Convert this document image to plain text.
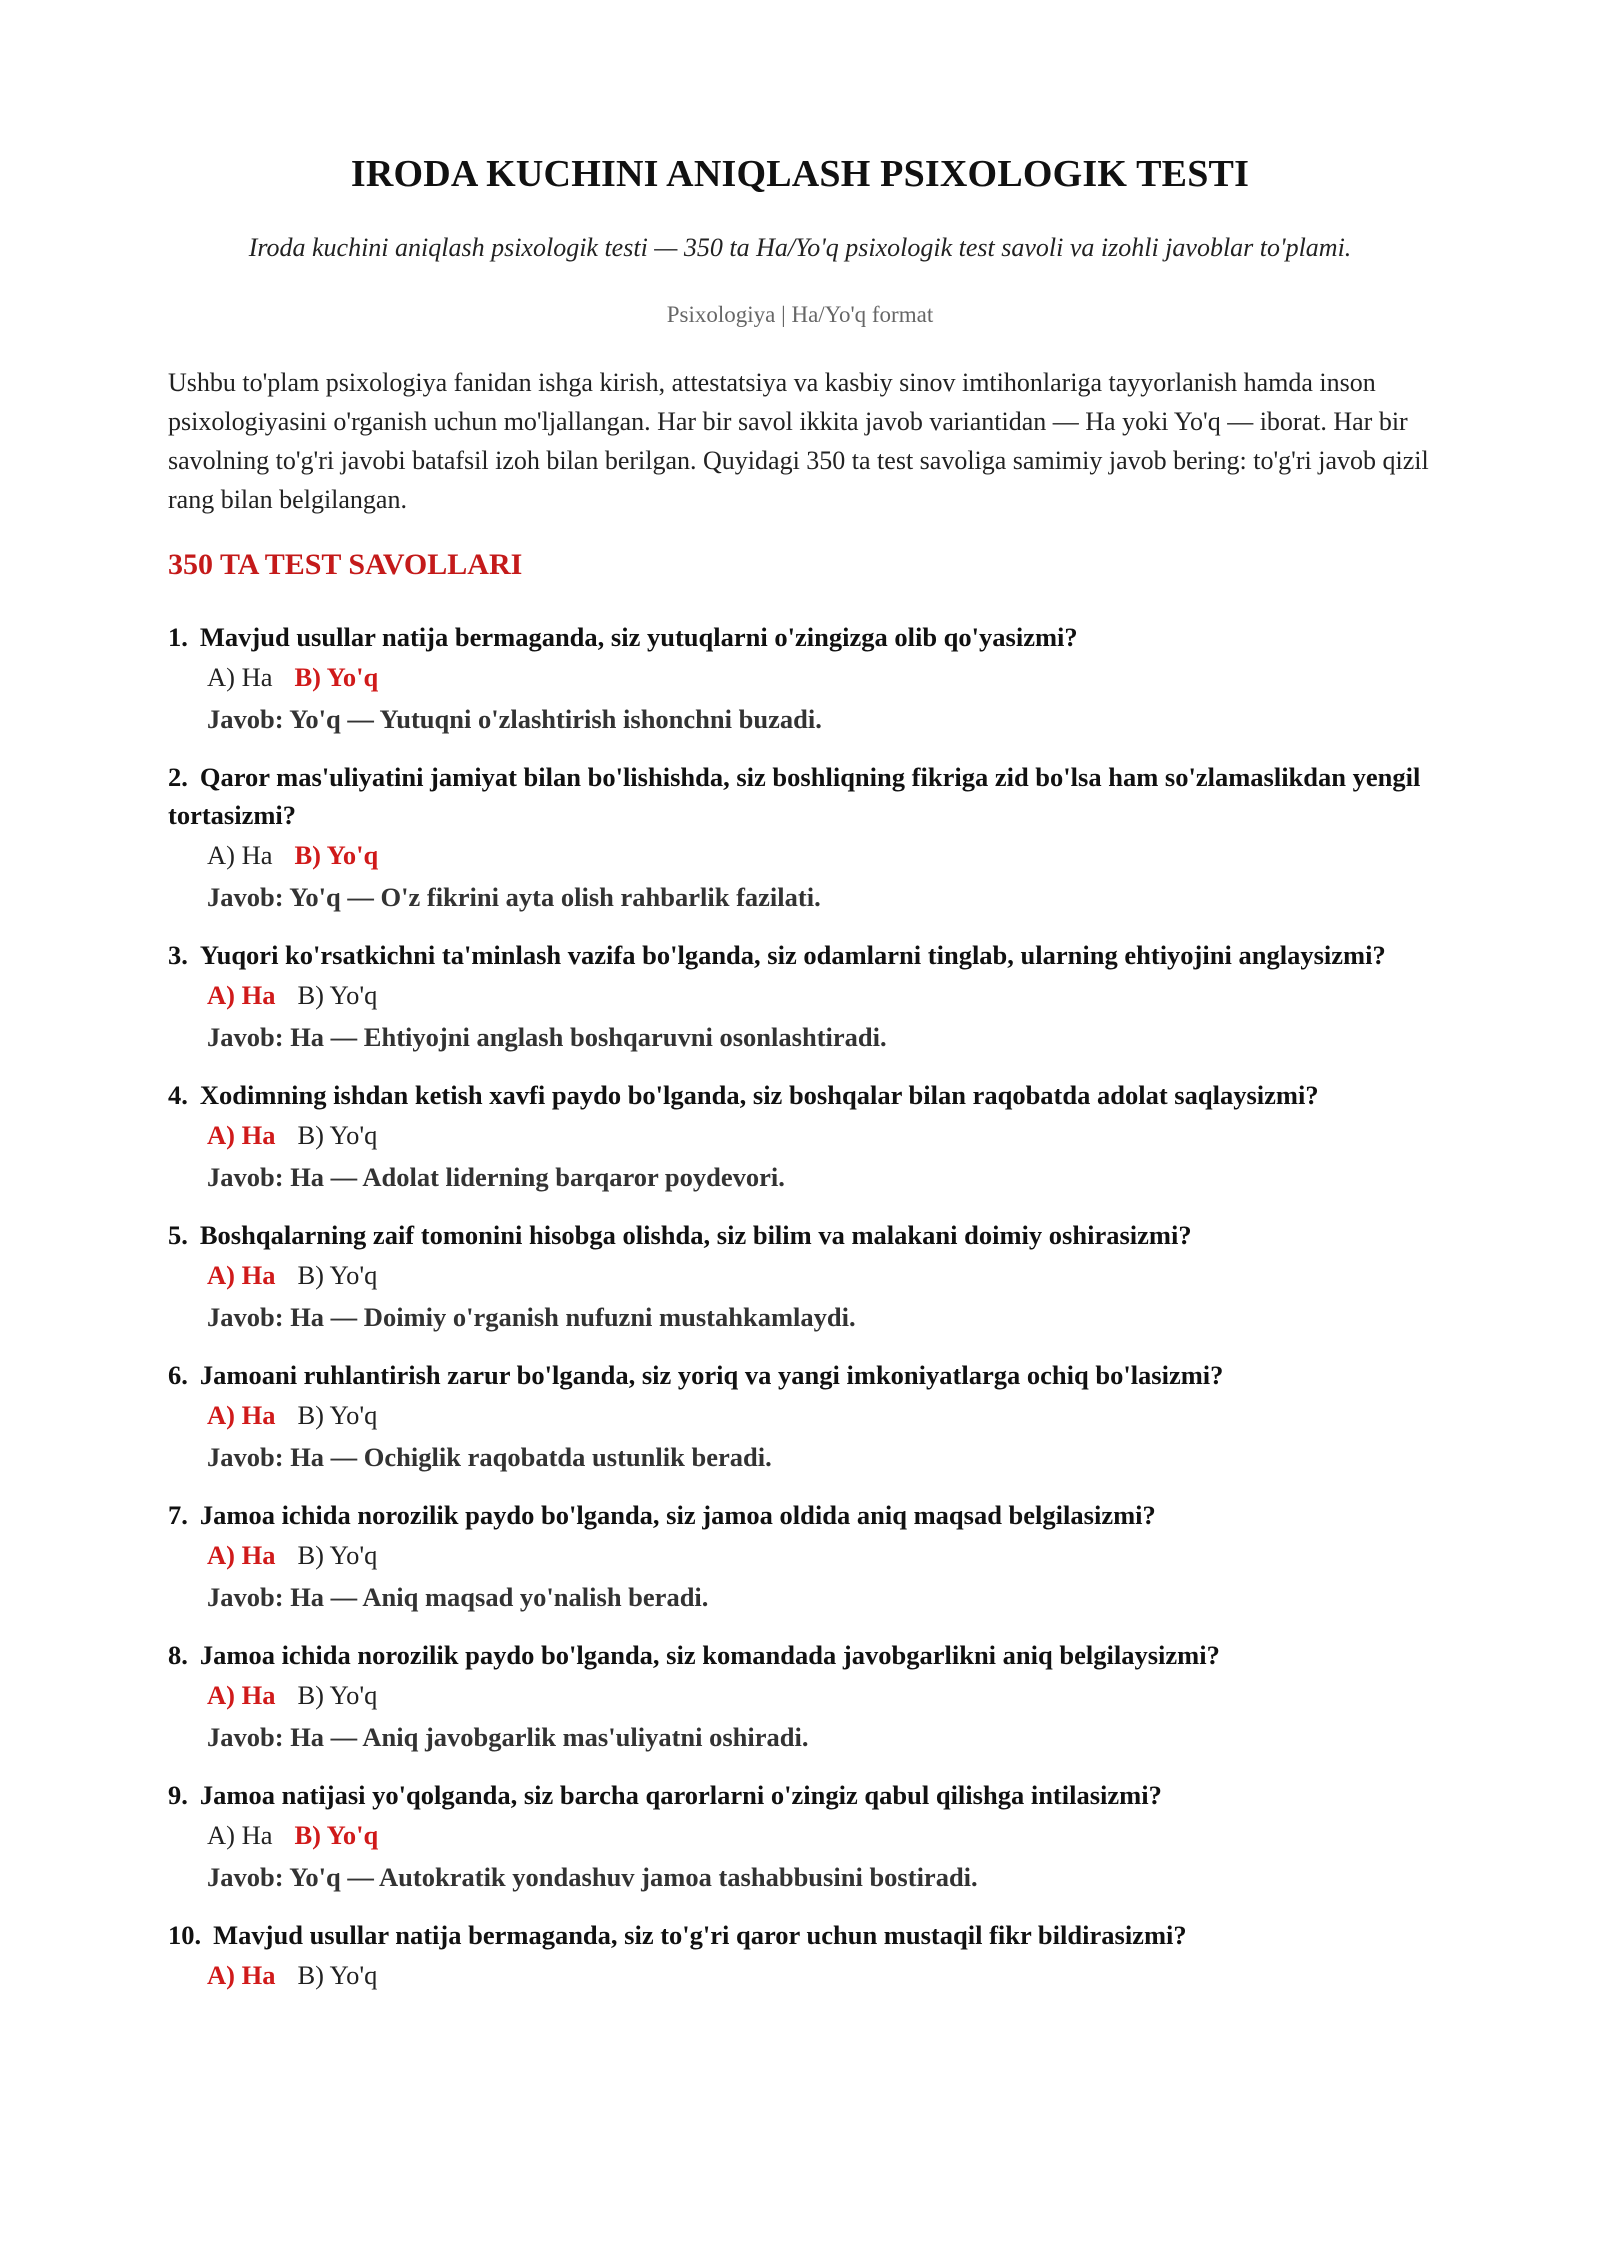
IRODA KUCHINI ANIQLASH PSIXOLOGIK TESTI

Iroda kuchini aniqlash psixologik testi — 350 ta Ha/Yo'q psixologik test savoli va izohli javoblar to'plami.

Psixologiya | Ha/Yo'q format

Ushbu to'plam psixologiya fanidan ishga kirish, attestatsiya va kasbiy sinov imtihonlariga tayyorlanish hamda inson psixologiyasini o'rganish uchun mo'ljallangan. Har bir savol ikkita javob variantidan — Ha yoki Yo'q — iborat. Har bir savolning to'g'ri javobi batafsil izoh bilan berilgan. Quyidagi 350 ta test savoliga samimiy javob bering: to'g'ri javob qizil rang bilan belgilangan.

350 TA TEST SAVOLLARI
1. Mavjud usullar natija bermaganda, siz yutuqlarni o'zingizga olib qo'yasizmi?
A) Ha B) Yo'q
Javob: Yo'q — Yutuqni o'zlashtirish ishonchni buzadi.
2. Qaror mas'uliyatini jamiyat bilan bo'lishishda, siz boshliqning fikriga zid bo'lsa ham so'zlamaslikdan yengil tortasizmi?
A) Ha B) Yo'q
Javob: Yo'q — O'z fikrini ayta olish rahbarlik fazilati.
3. Yuqori ko'rsatkichni ta'minlash vazifa bo'lganda, siz odamlarni tinglab, ularning ehtiyojini anglaysizmi?
A) Ha B) Yo'q
Javob: Ha — Ehtiyojni anglash boshqaruvni osonlashtiradi.
4. Xodimning ishdan ketish xavfi paydo bo'lganda, siz boshqalar bilan raqobatda adolat saqlaysizmi?
A) Ha B) Yo'q
Javob: Ha — Adolat liderning barqaror poydevori.
5. Boshqalarning zaif tomonini hisobga olishda, siz bilim va malakani doimiy oshirasizmi?
A) Ha B) Yo'q
Javob: Ha — Doimiy o'rganish nufuzni mustahkamlaydi.
6. Jamoani ruhlantirish zarur bo'lganda, siz yoriq va yangi imkoniyatlarga ochiq bo'lasizmi?
A) Ha B) Yo'q
Javob: Ha — Ochiglik raqobatda ustunlik beradi.
7. Jamoa ichida norozilik paydo bo'lganda, siz jamoa oldida aniq maqsad belgilasizmi?
A) Ha B) Yo'q
Javob: Ha — Aniq maqsad yo'nalish beradi.
8. Jamoa ichida norozilik paydo bo'lganda, siz komandada javobgarlikni aniq belgilaysizmi?
A) Ha B) Yo'q
Javob: Ha — Aniq javobgarlik mas'uliyatni oshiradi.
9. Jamoa natijasi yo'qolganda, siz barcha qarorlarni o'zingiz qabul qilishga intilasizmi?
A) Ha B) Yo'q
Javob: Yo'q — Autokratik yondashuv jamoa tashabbusini bostiradi.
10. Mavjud usullar natija bermaganda, siz to'g'ri qaror uchun mustaqil fikr bildirasizmi?
A) Ha B) Yo'q
